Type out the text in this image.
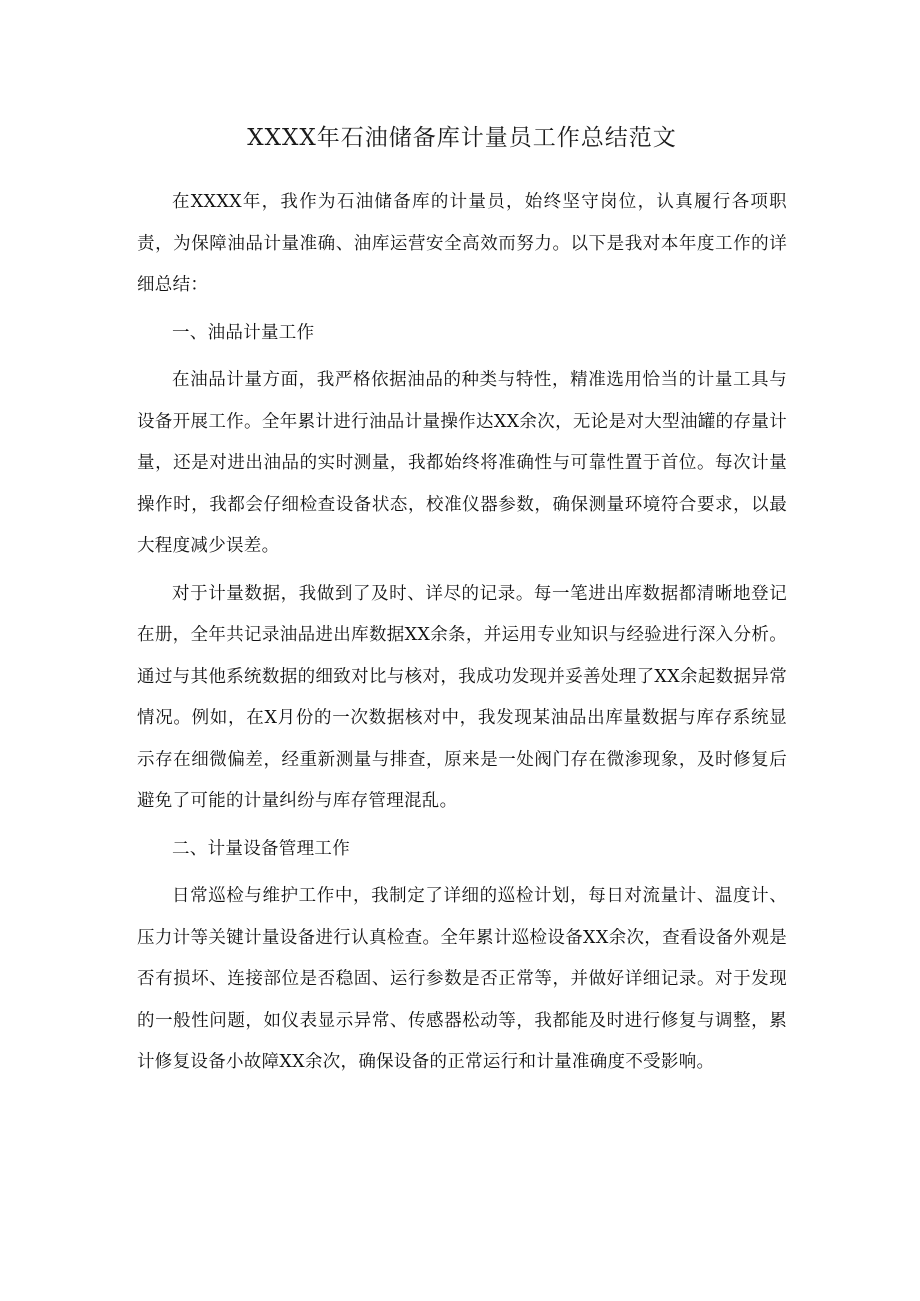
XXXX年石油储备库计量员工作总结范文

在XXXX年，我作为石油储备库的计量员，始终坚守岗位，认真履行各项职责，为保障油品计量准确、油库运营安全高效而努力。以下是我对本年度工作的详细总结：

一、油品计量工作

在油品计量方面，我严格依据油品的种类与特性，精准选用恰当的计量工具与设备开展工作。全年累计进行油品计量操作达XX余次，无论是对大型油罐的存量计量，还是对进出油品的实时测量，我都始终将准确性与可靠性置于首位。每次计量操作时，我都会仔细检查设备状态，校准仪器参数，确保测量环境符合要求，以最大程度减少误差。

对于计量数据，我做到了及时、详尽的记录。每一笔进出库数据都清晰地登记在册，全年共记录油品进出库数据XX余条，并运用专业知识与经验进行深入分析。通过与其他系统数据的细致对比与核对，我成功发现并妥善处理了XX余起数据异常情况。例如，在X月份的一次数据核对中，我发现某油品出库量数据与库存系统显示存在细微偏差，经重新测量与排查，原来是一处阀门存在微渗现象，及时修复后避免了可能的计量纠纷与库存管理混乱。

二、计量设备管理工作

日常巡检与维护工作中，我制定了详细的巡检计划，每日对流量计、温度计、压力计等关键计量设备进行认真检查。全年累计巡检设备XX余次，查看设备外观是否有损坏、连接部位是否稳固、运行参数是否正常等，并做好详细记录。对于发现的一般性问题，如仪表显示异常、传感器松动等，我都能及时进行修复与调整，累计修复设备小故障XX余次，确保设备的正常运行和计量准确度不受影响。
